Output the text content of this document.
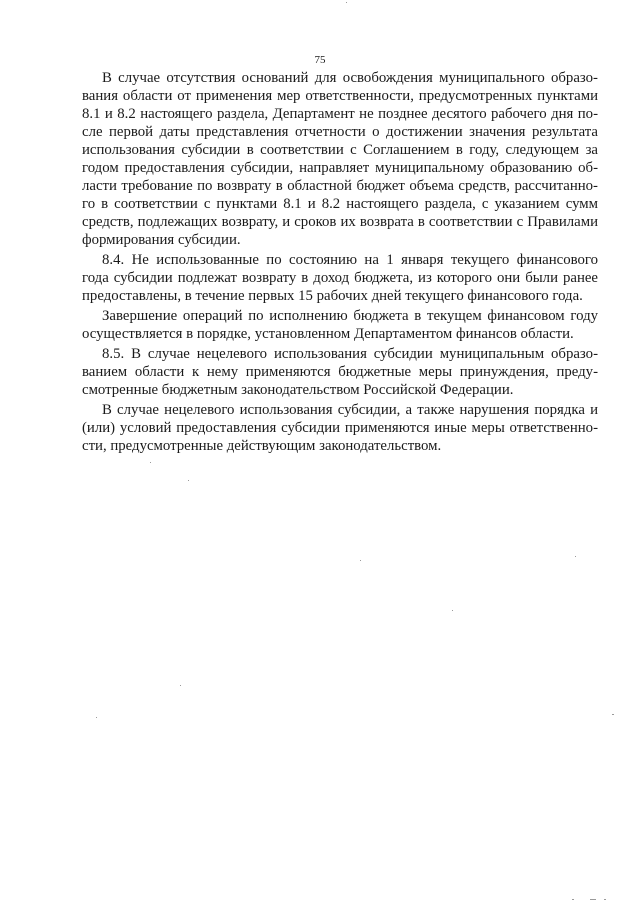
75
В случае отсутствия оснований для освобождения муниципального образо-
вания области от применения мер ответственности, предусмотренных пунктами
8.1 и 8.2 настоящего раздела, Департамент не позднее десятого рабочего дня по-
сле первой даты представления отчетности о достижении значения результата
использования субсидии в соответствии с Соглашением в году, следующем за
годом предоставления субсидии, направляет муниципальному образованию об-
ласти требование по возврату в областной бюджет объема средств, рассчитанно-
го в соответствии с пунктами 8.1 и 8.2 настоящего раздела, с указанием сумм
средств, подлежащих возврату, и сроков их возврата в соответствии с Правилами
формирования субсидии.
8.4. Не использованные по состоянию на 1 января текущего финансового
года субсидии подлежат возврату в доход бюджета, из которого они были ранее
предоставлены, в течение первых 15 рабочих дней текущего финансового года.
Завершение операций по исполнению бюджета в текущем финансовом году
осуществляется в порядке, установленном Департаментом финансов области.
8.5. В случае нецелевого использования субсидии муниципальным образо-
ванием области к нему применяются бюджетные меры принуждения, преду-
смотренные бюджетным законодательством Российской Федерации.
В случае нецелевого использования субсидии, а также нарушения порядка и
(или) условий предоставления субсидии применяются иные меры ответственно-
сти, предусмотренные действующим законодательством.
